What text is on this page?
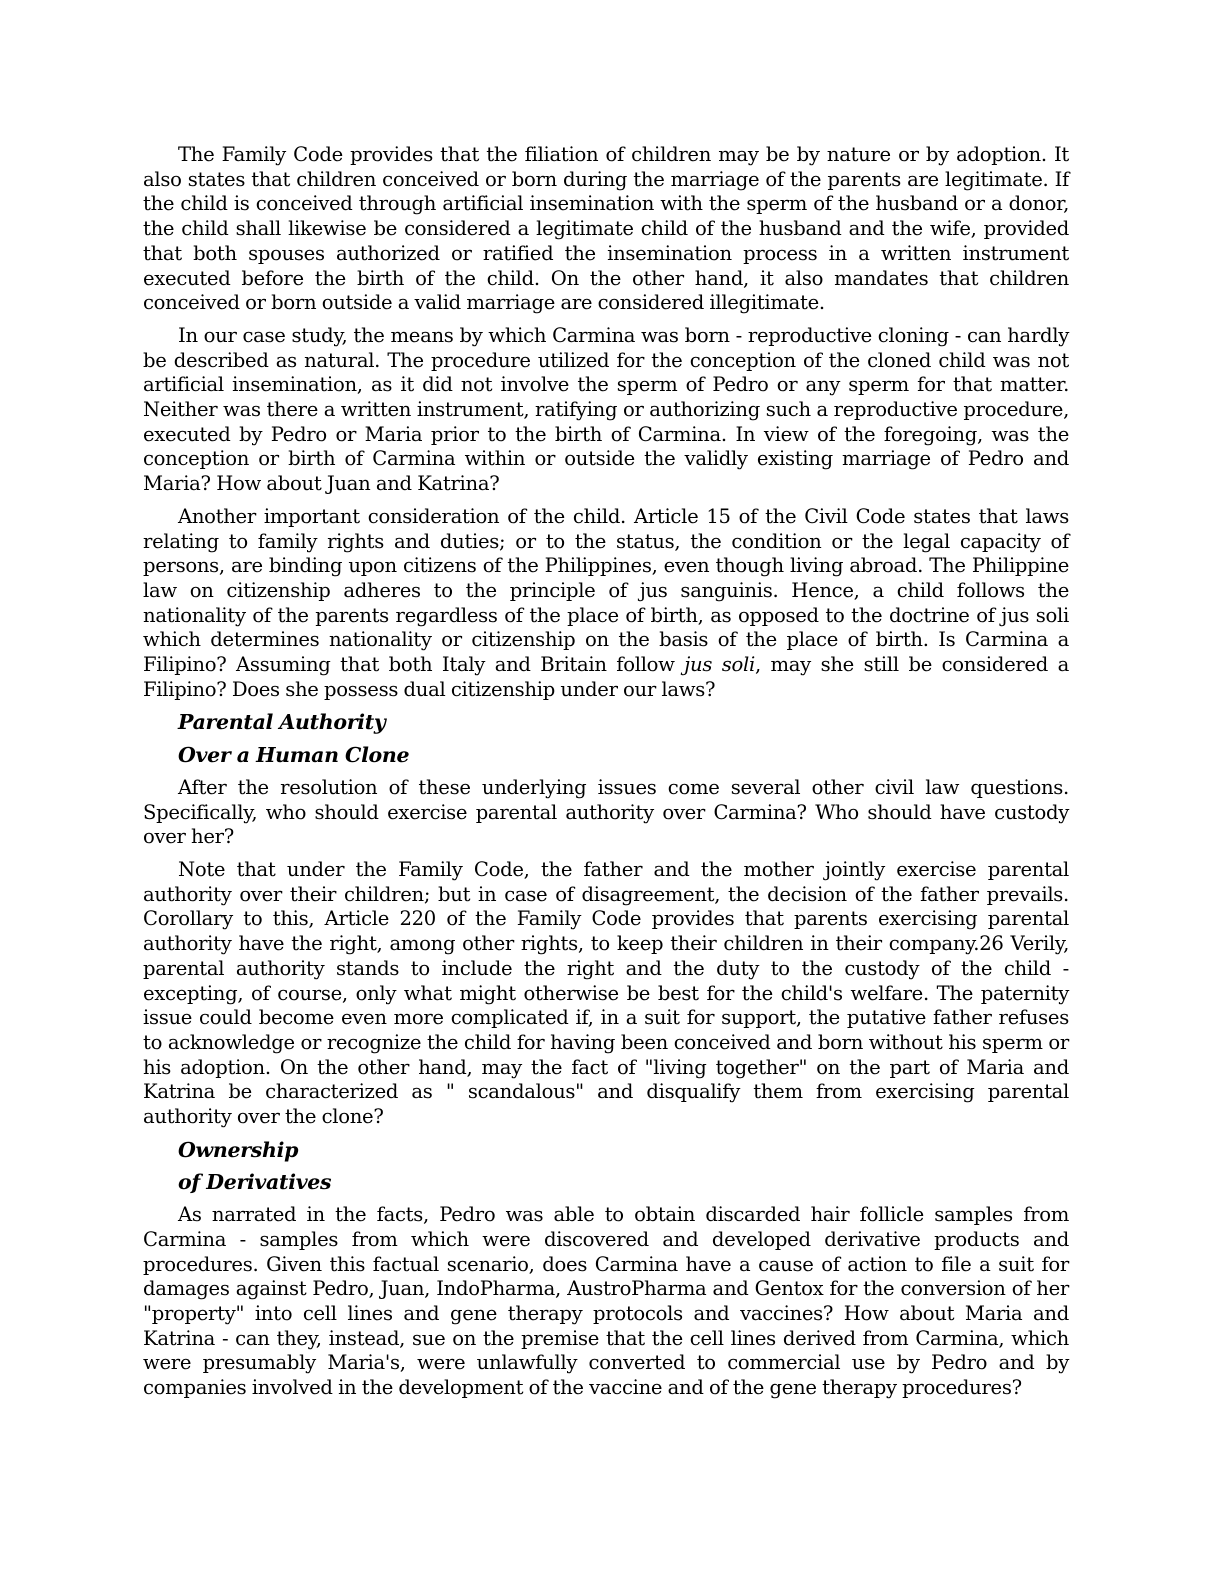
The Family Code provides that the filiation of children may be by nature or by adoption. It also states that children conceived or born during the marriage of the parents are legitimate. If the child is conceived through artificial insemination with the sperm of the husband or a donor, the child shall likewise be considered a legitimate child of the husband and the wife, provided that both spouses authorized or ratified the insemination process in a written instrument executed before the birth of the child. On the other hand, it also mandates that children conceived or born outside a valid marriage are considered illegitimate.

In our case study, the means by which Carmina was born - reproductive cloning - can hardly be described as natural. The procedure utilized for the conception of the cloned child was not artificial insemination, as it did not involve the sperm of Pedro or any sperm for that matter. Neither was there a written instrument, ratifying or authorizing such a reproductive procedure, executed by Pedro or Maria prior to the birth of Carmina. In view of the foregoing, was the conception or birth of Carmina within or outside the validly existing marriage of Pedro and Maria? How about Juan and Katrina?

Another important consideration of the child. Article 15 of the Civil Code states that laws relating to family rights and duties; or to the status, the condition or the legal capacity of persons, are binding upon citizens of the Philippines, even though living abroad. The Philippine law on citizenship adheres to the principle of jus sanguinis. Hence, a child follows the nationality of the parents regardless of the place of birth, as opposed to the doctrine of jus soli which determines nationality or citizenship on the basis of the place of birth. Is Carmina a Filipino? Assuming that both Italy and Britain follow jus soli, may she still be considered a Filipino? Does she possess dual citizenship under our laws?

Parental Authority
Over a Human Clone

After the resolution of these underlying issues come several other civil law questions. Specifically, who should exercise parental authority over Carmina? Who should have custody over her?

Note that under the Family Code, the father and the mother jointly exercise parental authority over their children; but in case of disagreement, the decision of the father prevails. Corollary to this, Article 220 of the Family Code provides that parents exercising parental authority have the right, among other rights, to keep their children in their company.26 Verily, parental authority stands to include the right and the duty to the custody of the child - excepting, of course, only what might otherwise be best for the child's welfare. The paternity issue could become even more complicated if, in a suit for support, the putative father refuses to acknowledge or recognize the child for having been conceived and born without his sperm or his adoption. On the other hand, may the fact of "living together" on the part of Maria and Katrina be characterized as " scandalous" and disqualify them from exercising parental authority over the clone?

Ownership
of Derivatives

As narrated in the facts, Pedro was able to obtain discarded hair follicle samples from Carmina - samples from which were discovered and developed derivative products and procedures. Given this factual scenario, does Carmina have a cause of action to file a suit for damages against Pedro, Juan, IndoPharma, AustroPharma and Gentox for the conversion of her "property" into cell lines and gene therapy protocols and vaccines? How about Maria and Katrina - can they, instead, sue on the premise that the cell lines derived from Carmina, which were presumably Maria's, were unlawfully converted to commercial use by Pedro and by companies involved in the development of the vaccine and of the gene therapy procedures?
